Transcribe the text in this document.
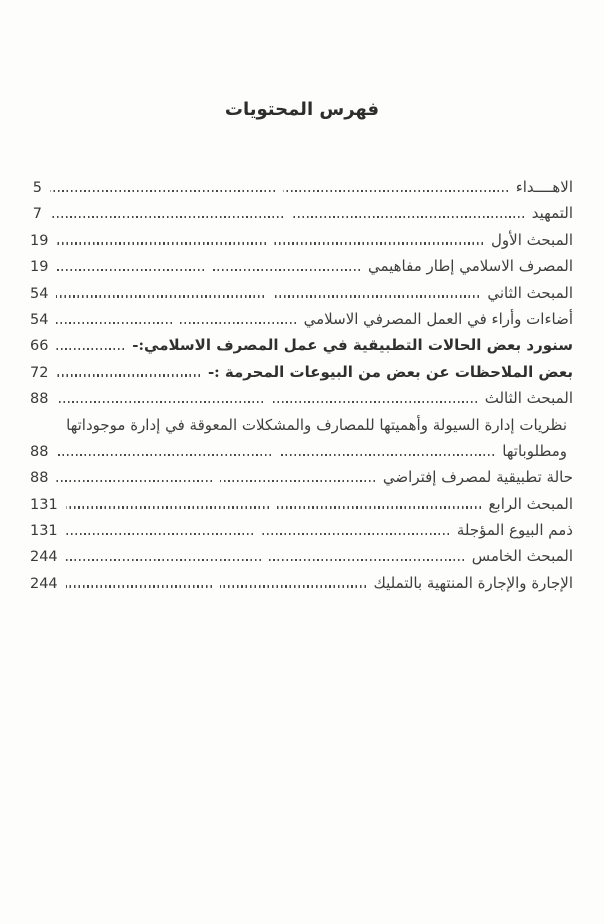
فهرس المحتويات
الاهــــداء
5
التمهيد
7
المبحث الأول
19
المصرف الاسلامي إطار مفاهيمي
19
المبحث الثاني
54
أضاءات وأراء في العمل المصرفي الاسلامي
54
سنورد بعض الحالات التطبيقية في عمل المصرف الاسلامي:-
66
بعض الملاحظات عن بعض من البيوعات المحرمة :-
72
المبحث الثالث
88
نظريات إدارة السيولة وأهميتها للمصارف والمشكلات المعوقة في إدارة موجوداتها
ومطلوباتها
88
حالة تطبيقية لمصرف إفتراضي
88
المبحث الرابع
131
ذمم البيوع المؤجلة
131
المبحث الخامس
244
الإجارة والإجارة المنتهية بالتمليك
244
